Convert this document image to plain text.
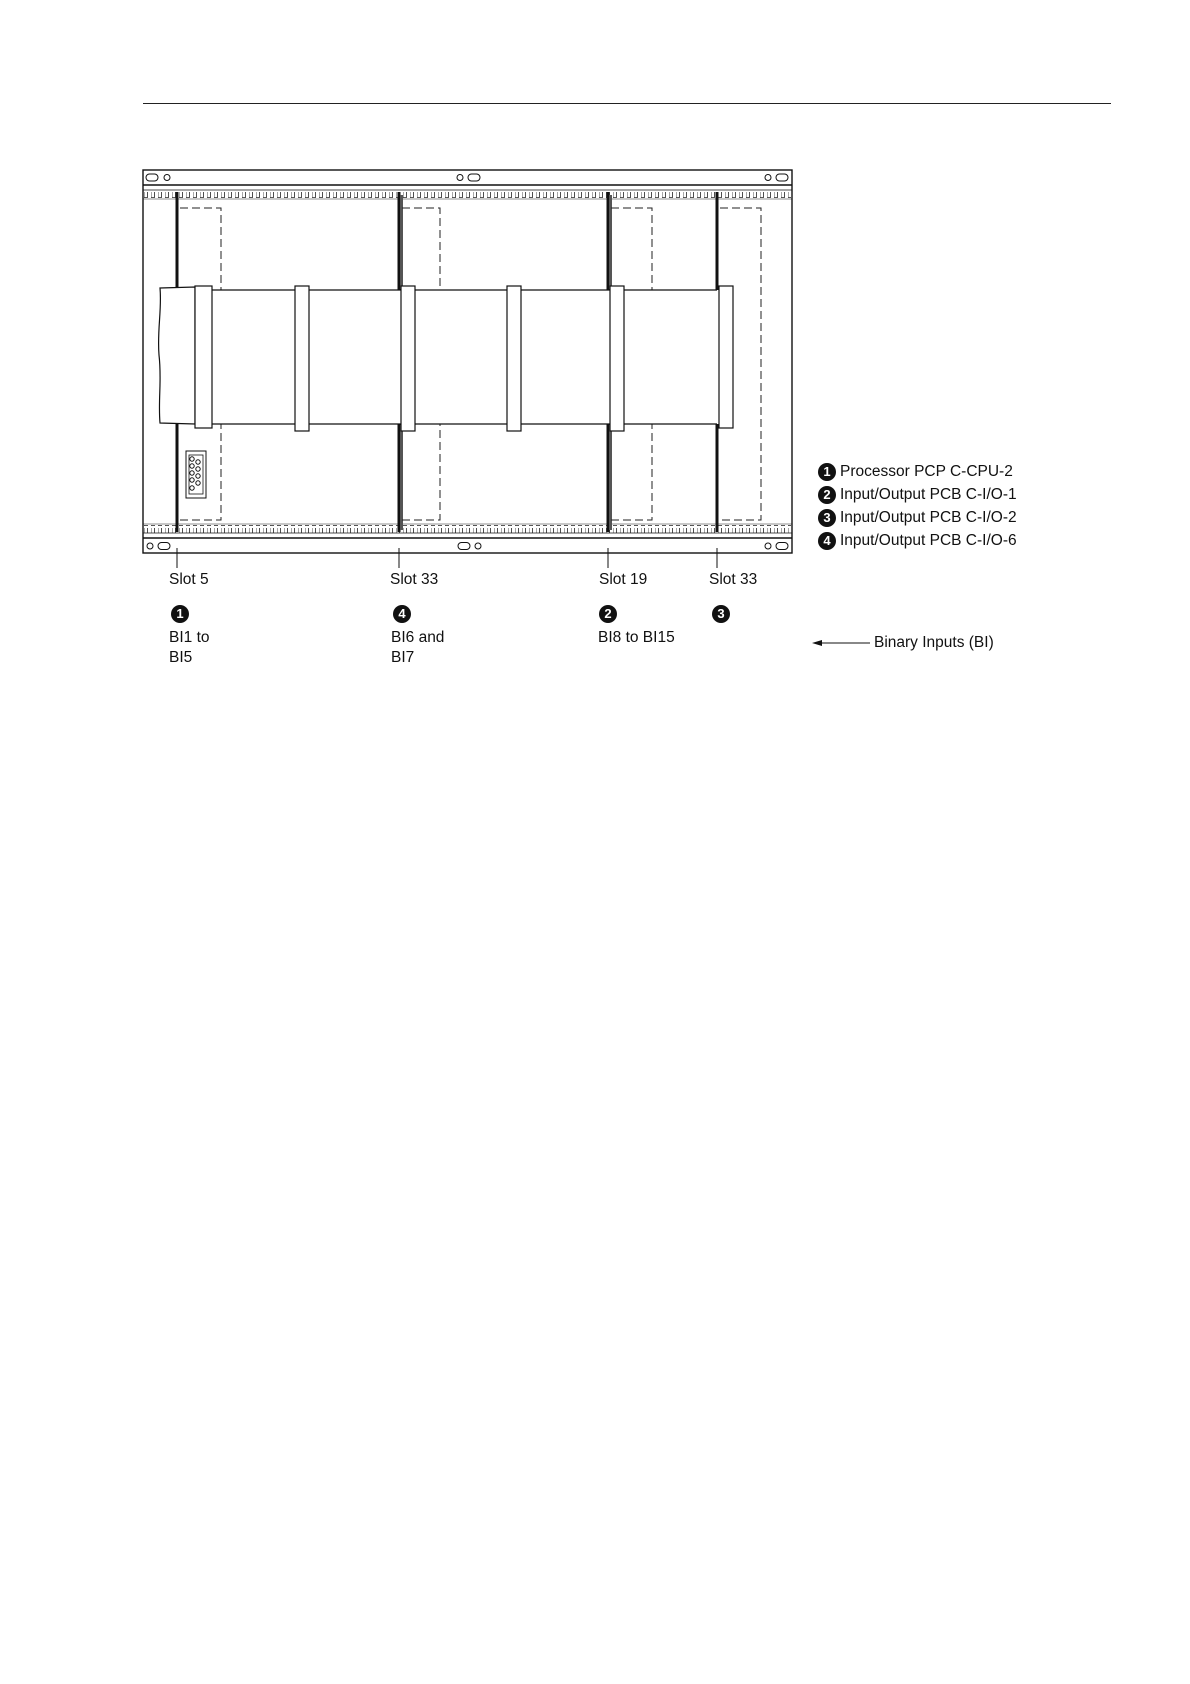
Slot 5	Slot 33	Slot 19	Slot 33
1	4	2	3
BI1 to
BI5
BI6 and
BI7
BI8 to BI15	Binary Inputs (BI)
1 Processor PCP C-CPU-2
2 Input/Output PCB C-I/O-1
3 Input/Output PCB C-I/O-2
4 Input/Output PCB C-I/O-6
